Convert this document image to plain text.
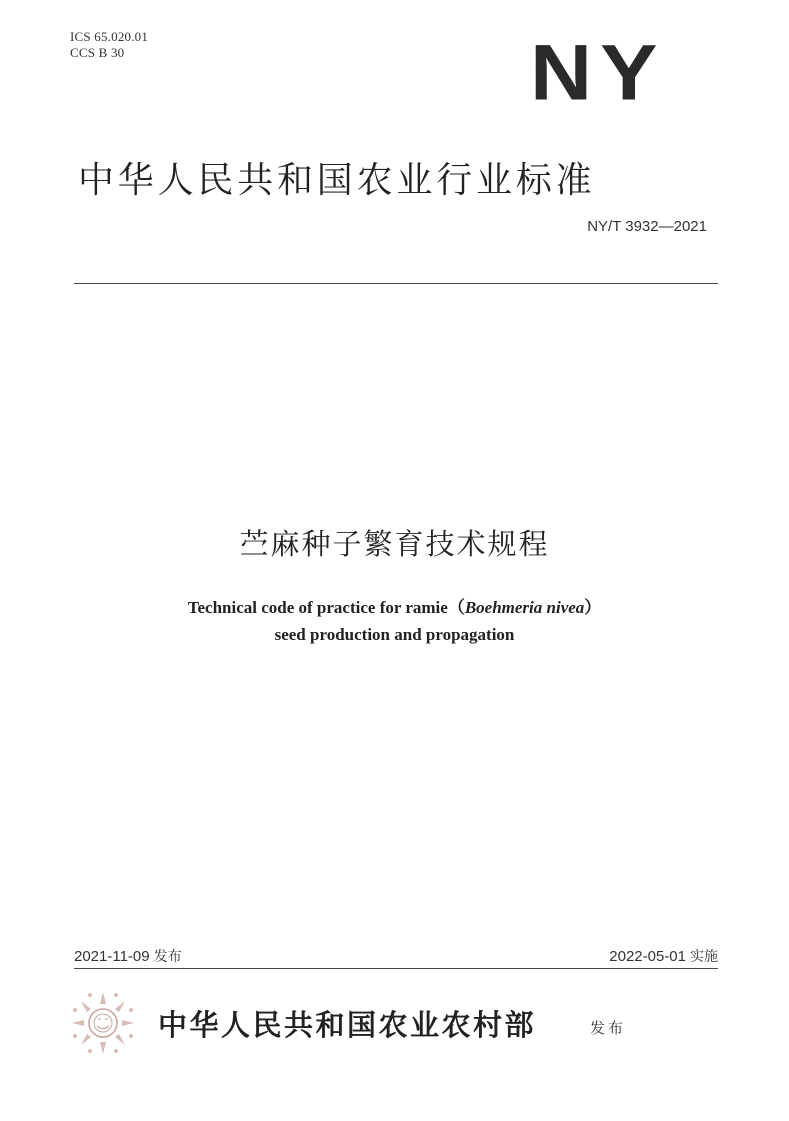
ICS 65.020.01
CCS B 30	NY
中华人民共和国农业行业标准
NY/T 3932—2021
苎麻种子繁育技术规程
Technical code of practice for ramie（Boehmeria nivea）
seed production and propagation
2021-11-09 发布	2022-05-01 实施
中华人民共和国农业农村部	发布
